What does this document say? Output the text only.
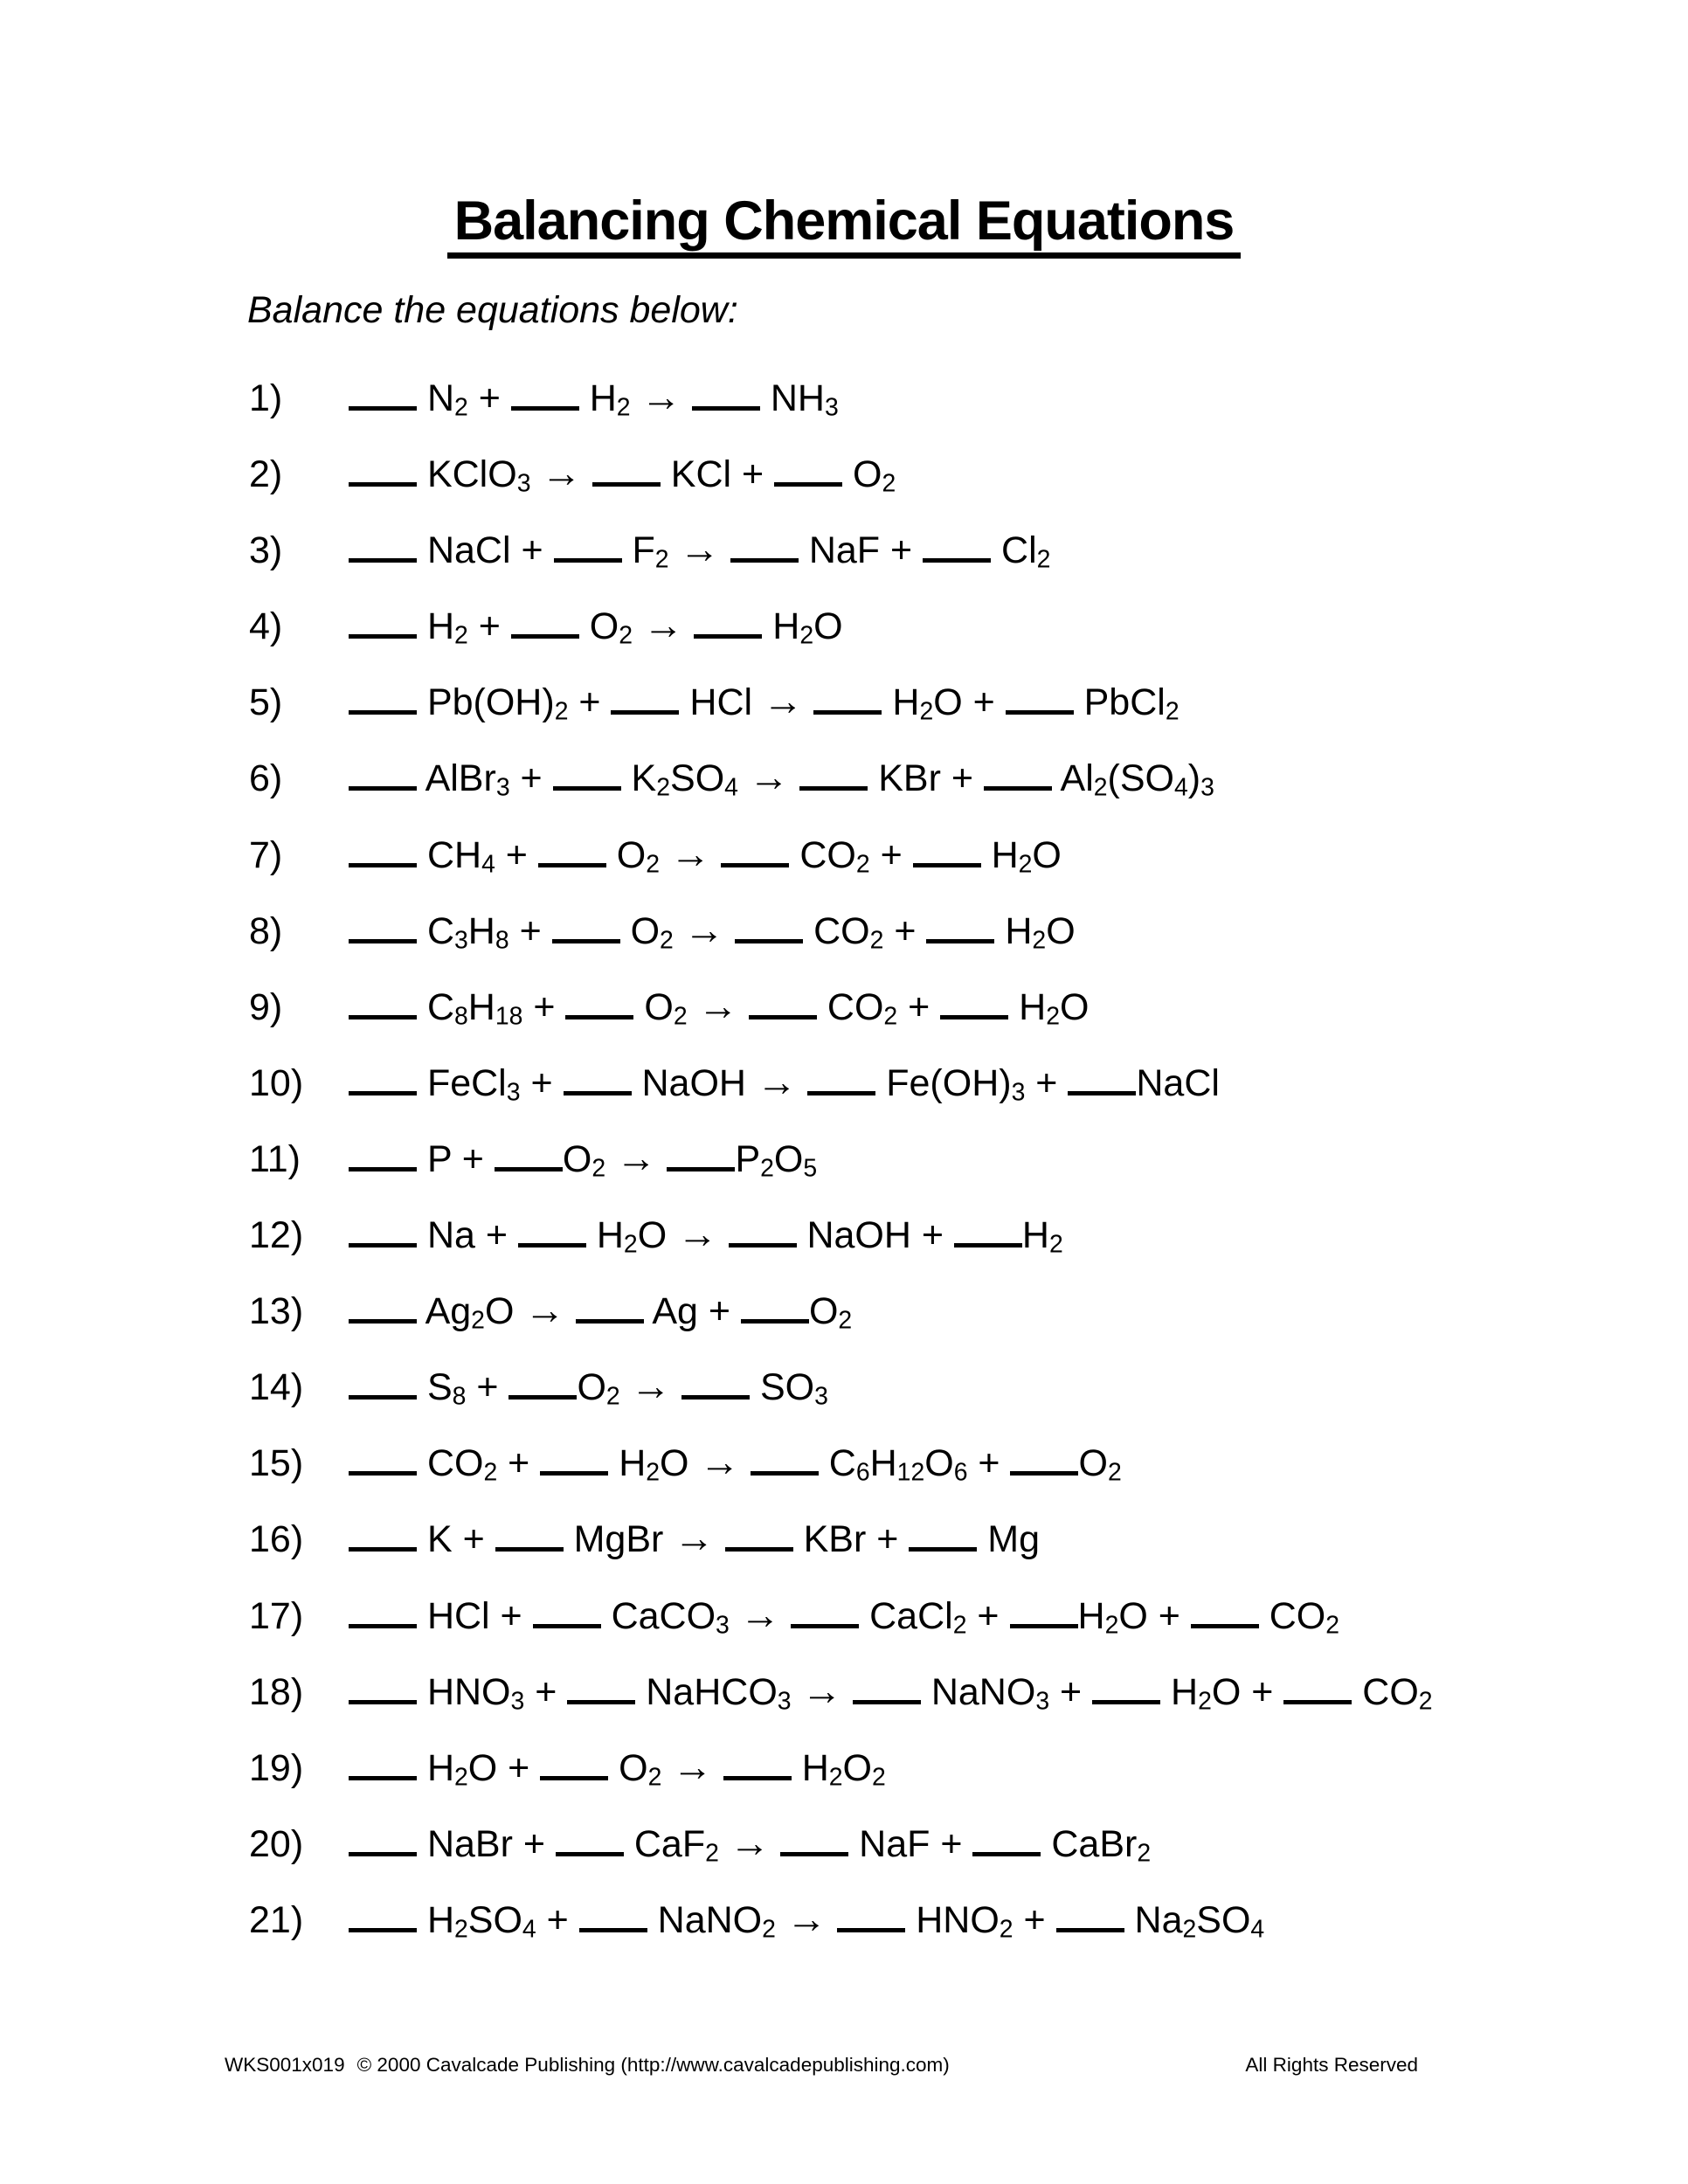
Balancing Chemical Equations
Balance the equations below:
1)	$N_2 + H_2 \to NH_3$
2)	KClO$_3$ →  KCl +  $O_2$
3)	NaCl +  $F_2$ →  NaF +  $Cl_2$
4)	$H_2 + O_2 \to H_2O$
5)	$Pb(OH)_2$ +  HCl →  $H_2O$ +  PbCl$_2$
6)	AlBr$_3$ +  $K_2SO_4$ →  KBr +  $Al_2(SO_4)_3$
7)	$CH_4 + O_2 \to CO_2 + H_2O$
8)	$C_3H_8 + O_2 \to CO_2 + H_2O$
9)	$C_8H_{18} + O_2 \to CO_2 + H_2O$
10)	FeCl$_3$ +  NaOH →  $Fe(OH)_3$ + NaCl
11)	$P + O_2 \to P_2O_5$
12)	$Na + H_2O$ →  NaOH + $H_2$
13)	$Ag_2O \to Ag + O_2$
14)	$S_8 + O_2 \to SO_3$
15)	$CO_2 + H_2O \to C_6H_{12}O_6 + O_2$
16)	K +  MgBr →  KBr +  Mg
17)	HCl +  CaCO$_3$ →  CaCl$_2$ + $H_2O + CO_2$
18)	$HNO_3$ +  NaHCO$_3$ →  NaNO$_3$ +  $H_2O + CO_2$
19)	$H_2O + O_2 \to H_2O_2$
20)	NaBr +  CaF$_2$ →  NaF +  CaBr$_2$
21)	$H_2SO_4$ +  NaNO$_2$ →  $HNO_2 + Na_2SO_4$
WKS001x019 © 2000 Cavalcade Publishing (http://www.cavalcadepublishing.com)	All Rights Reserved
